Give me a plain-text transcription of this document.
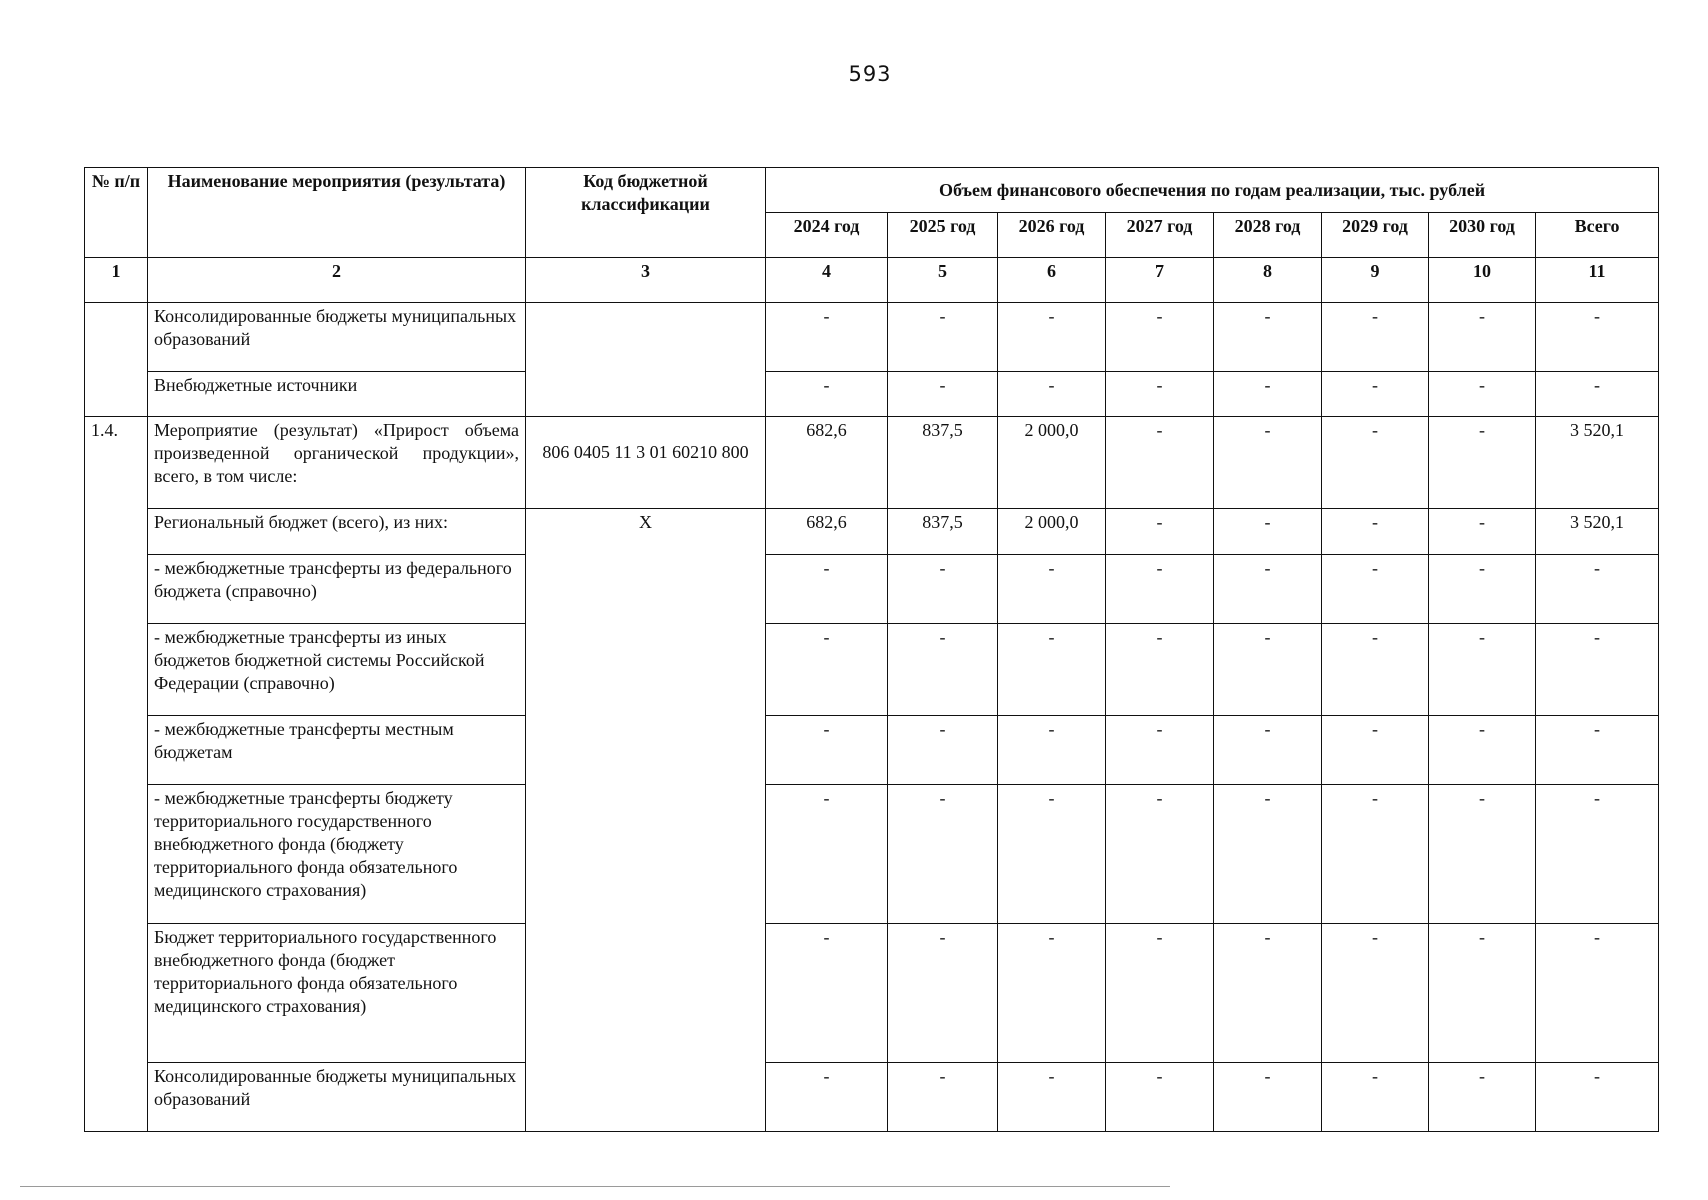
593
№ п/п	Наименование мероприятия (результата)	Код бюджетной классификации	Объем финансового обеспечения по годам реализации, тыс. рублей							
			2024 год	2025 год	2026 год	2027 год	2028 год	2029 год	2030 год	Всего
1	2	3	4	5	6	7	8	9	10	11
	Консолидированные бюджеты муниципальных образований		-	-	-	-	-	-	-	-
	Внебюджетные источники		-	-	-	-	-	-	-	-
1.4.	Мероприятие (результат) «Прирост объема произведенной органической продукции», всего, в том числе:	806 0405 11 3 01 60210 800	682,6	837,5	2 000,0	-	-	-	-	3 520,1
	Региональный бюджет (всего), из них:	X	682,6	837,5	2 000,0	-	-	-	-	3 520,1
	- межбюджетные трансферты из федерального бюджета (справочно)		-	-	-	-	-	-	-	-
	- межбюджетные трансферты из иных бюджетов бюджетной системы Российской Федерации (справочно)		-	-	-	-	-	-	-	-
	- межбюджетные трансферты местным бюджетам		-	-	-	-	-	-	-	-
	- межбюджетные трансферты бюджету территориального государственного внебюджетного фонда (бюджету территориального фонда обязательного медицинского страхования)		-	-	-	-	-	-	-	-
	Бюджет территориального государственного внебюджетного фонда (бюджет территориального фонда обязательного медицинского страхования)		-	-	-	-	-	-	-	-
	Консолидированные бюджеты муниципальных образований		-	-	-	-	-	-	-	-
